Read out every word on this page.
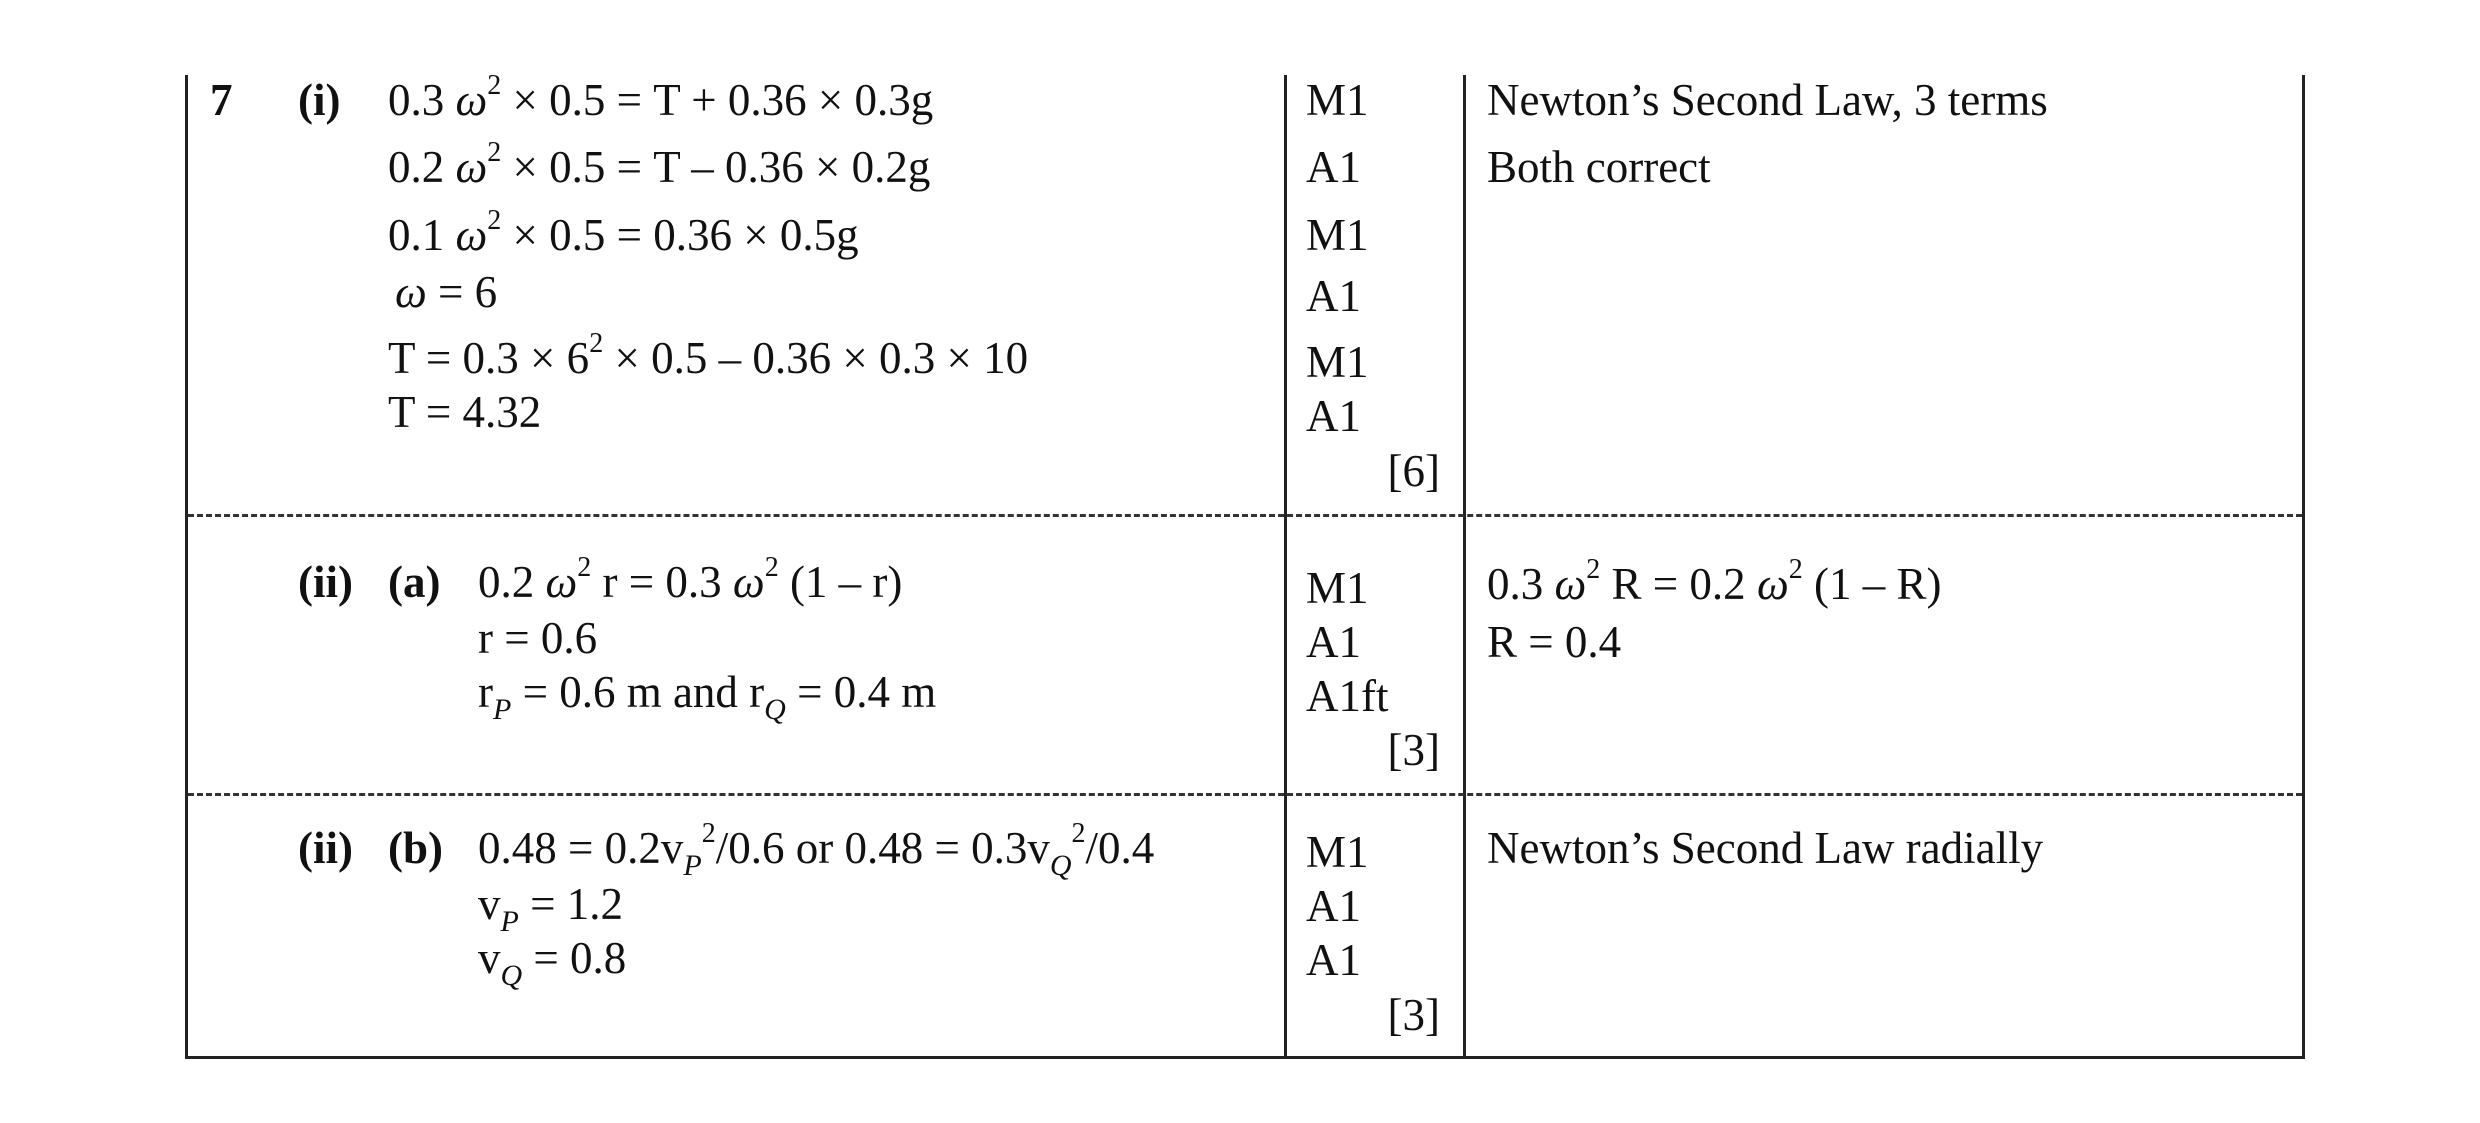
7 (i) 0.3 $\omega^2 \times 0.5 = T + 0.36 \times 0.3g$
0.2 $\omega^2 \times 0.5 = T - 0.36 \times 0.2g$
0.1 $\omega^2 \times 0.5 = 0.36 \times 0.5g$
ω = 6
$T = 0.3 \times 6^2 \times 0.5 - 0.36 \times 0.3 \times 10$
T = 4.32
M1
A1
M1
A1
M1
A1
[6]
Newton’s Second Law, 3 terms
Both correct
(ii) (a) 0.2 $\omega^2$ r = 0.3 $\omega^2$ (1 – r)
r = 0.6
$r_P = 0.6$ m and $r_Q = 0.4$ m
M1
A1
A1ft
[3]
0.3 $\omega^2$ R = 0.2 $\omega^2$ (1 – R)
R = 0.4
(ii) (b) $0.48 = 0.2v_P^2/0.6$ or $0.48 = 0.3v_Q^2/0.4$
$v_P = 1.2$
$v_Q = 0.8$
M1
A1
A1
[3]
Newton’s Second Law radially
